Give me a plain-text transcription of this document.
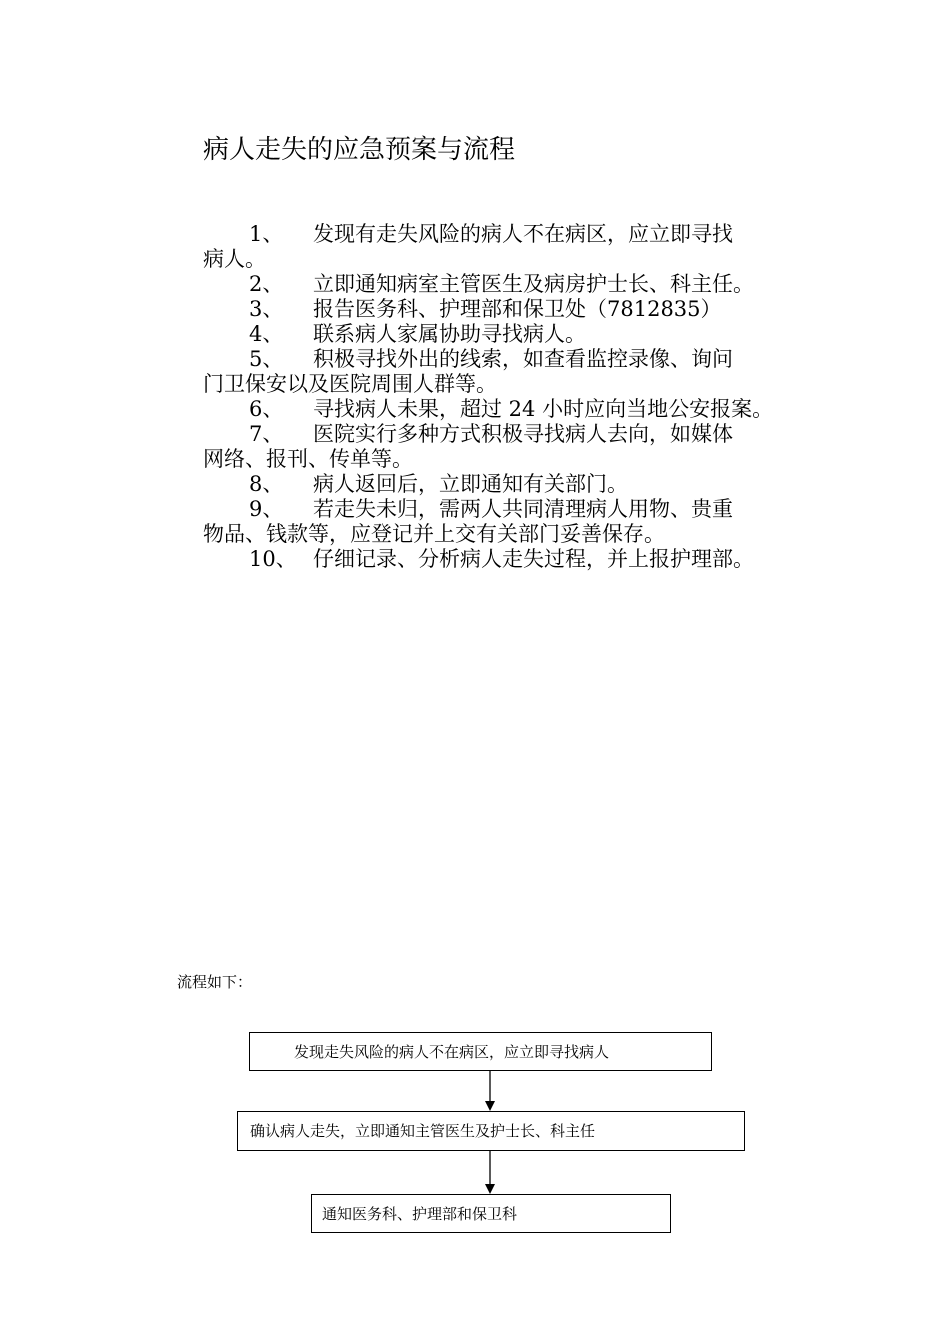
病人走失的应急预案与流程
1、 发现有走失风险的病人不在病区，应立即寻找
病人。
2、 立即通知病室主管医生及病房护士长、科主任。
3、 报告医务科、护理部和保卫处（7812835）
4、 联系病人家属协助寻找病人。
5、 积极寻找外出的线索，如查看监控录像、询问
门卫保安以及医院周围人群等。
6、 寻找病人未果，超过 24 小时应向当地公安报案。
7、 医院实行多种方式积极寻找病人去向，如媒体
网络、报刊、传单等。
8、 病人返回后，立即通知有关部门。
9、 若走失未归，需两人共同清理病人用物、贵重
物品、钱款等，应登记并上交有关部门妥善保存。
10、 仔细记录、分析病人走失过程，并上报护理部。
流程如下：
发现走失风险的病人不在病区，应立即寻找病人
确认病人走失，立即通知主管医生及护士长、科主任
通知医务科、护理部和保卫科
